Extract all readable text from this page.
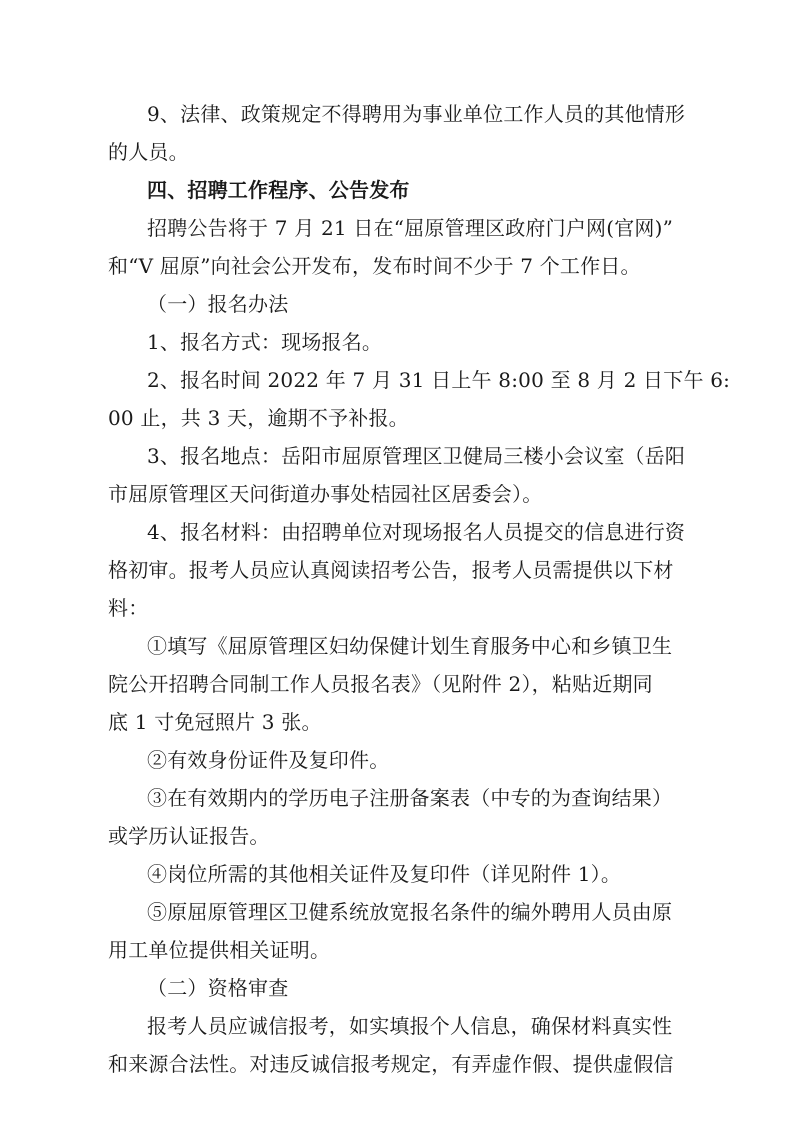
9、法律、政策规定不得聘用为事业单位工作人员的其他情形
的人员。
四、招聘工作程序、公告发布
招聘公告将于 7 月 21 日在“屈原管理区政府门户网(官网)”
和“V 屈原”向社会公开发布，发布时间不少于 7 个工作日。
（一）报名办法
1、报名方式：现场报名。
2、报名时间 2022 年 7 月 31 日上午 8:00 至 8 月 2 日下午 6:
00 止，共 3 天，逾期不予补报。
3、报名地点：岳阳市屈原管理区卫健局三楼小会议室（岳阳
市屈原管理区天问街道办事处桔园社区居委会）。
4、报名材料：由招聘单位对现场报名人员提交的信息进行资
格初审。报考人员应认真阅读招考公告，报考人员需提供以下材
料：
①填写《屈原管理区妇幼保健计划生育服务中心和乡镇卫生
院公开招聘合同制工作人员报名表》（见附件 2），粘贴近期同
底 1 寸免冠照片 3 张。
②有效身份证件及复印件。
③在有效期内的学历电子注册备案表（中专的为查询结果）
或学历认证报告。
④岗位所需的其他相关证件及复印件（详见附件 1）。
⑤原屈原管理区卫健系统放宽报名条件的编外聘用人员由原
用工单位提供相关证明。
（二）资格审查
报考人员应诚信报考，如实填报个人信息，确保材料真实性
和来源合法性。对违反诚信报考规定，有弄虚作假、提供虚假信
